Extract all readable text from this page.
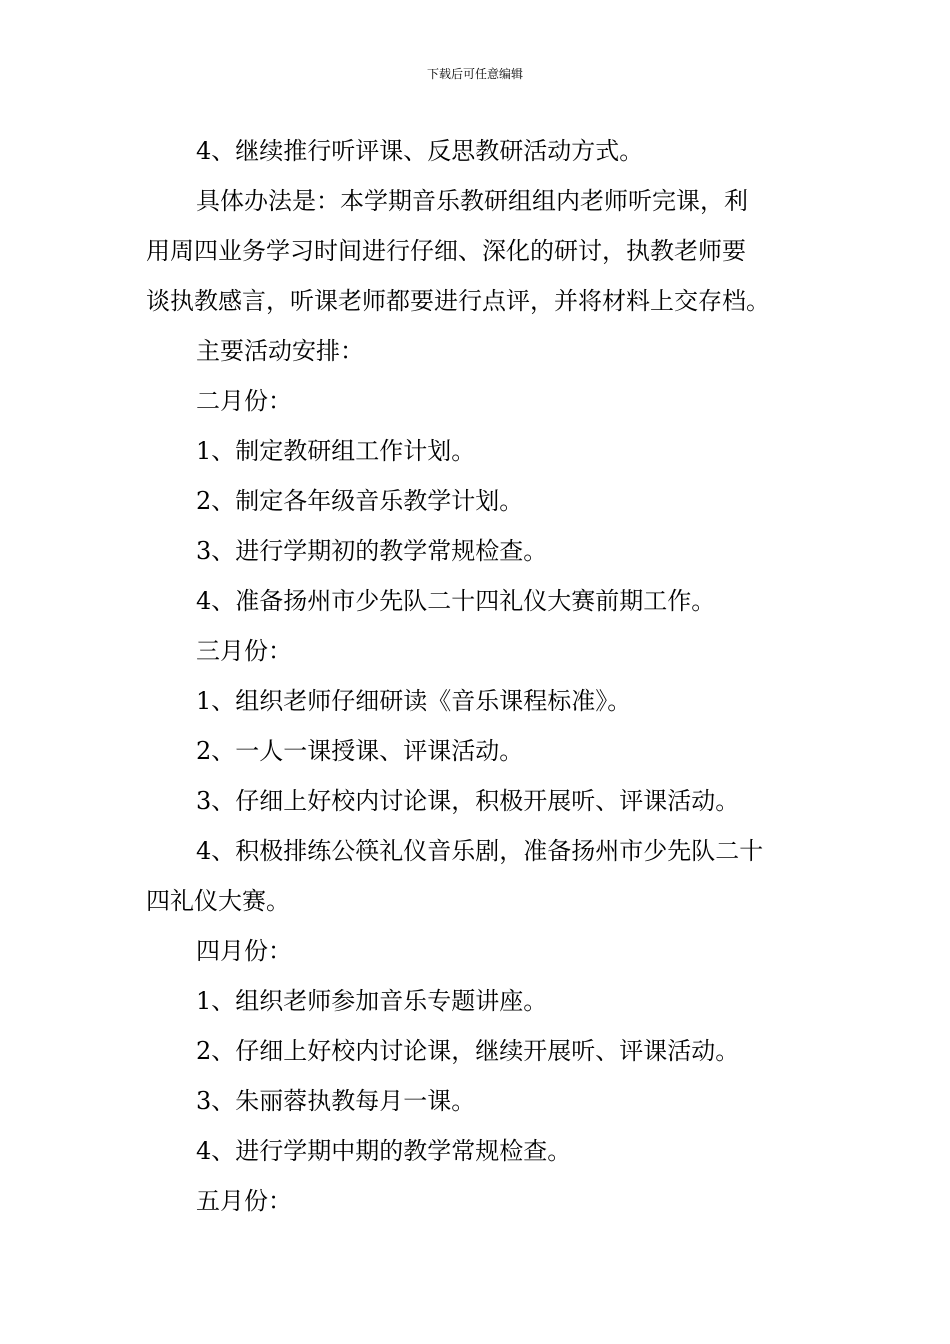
下载后可任意编辑
4、继续推行听评课、反思教研活动方式。
具体办法是：本学期音乐教研组组内老师听完课，利
用周四业务学习时间进行仔细、深化的研讨，执教老师要
谈执教感言，听课老师都要进行点评，并将材料上交存档。
主要活动安排：
二月份：
1、制定教研组工作计划。
2、制定各年级音乐教学计划。
3、进行学期初的教学常规检查。
4、准备扬州市少先队二十四礼仪大赛前期工作。
三月份：
1、组织老师仔细研读《音乐课程标准》。
2、一人一课授课、评课活动。
3、仔细上好校内讨论课，积极开展听、评课活动。
4、积极排练公筷礼仪音乐剧，准备扬州市少先队二十
四礼仪大赛。
四月份：
1、组织老师参加音乐专题讲座。
2、仔细上好校内讨论课，继续开展听、评课活动。
3、朱丽蓉执教每月一课。
4、进行学期中期的教学常规检查。
五月份：
